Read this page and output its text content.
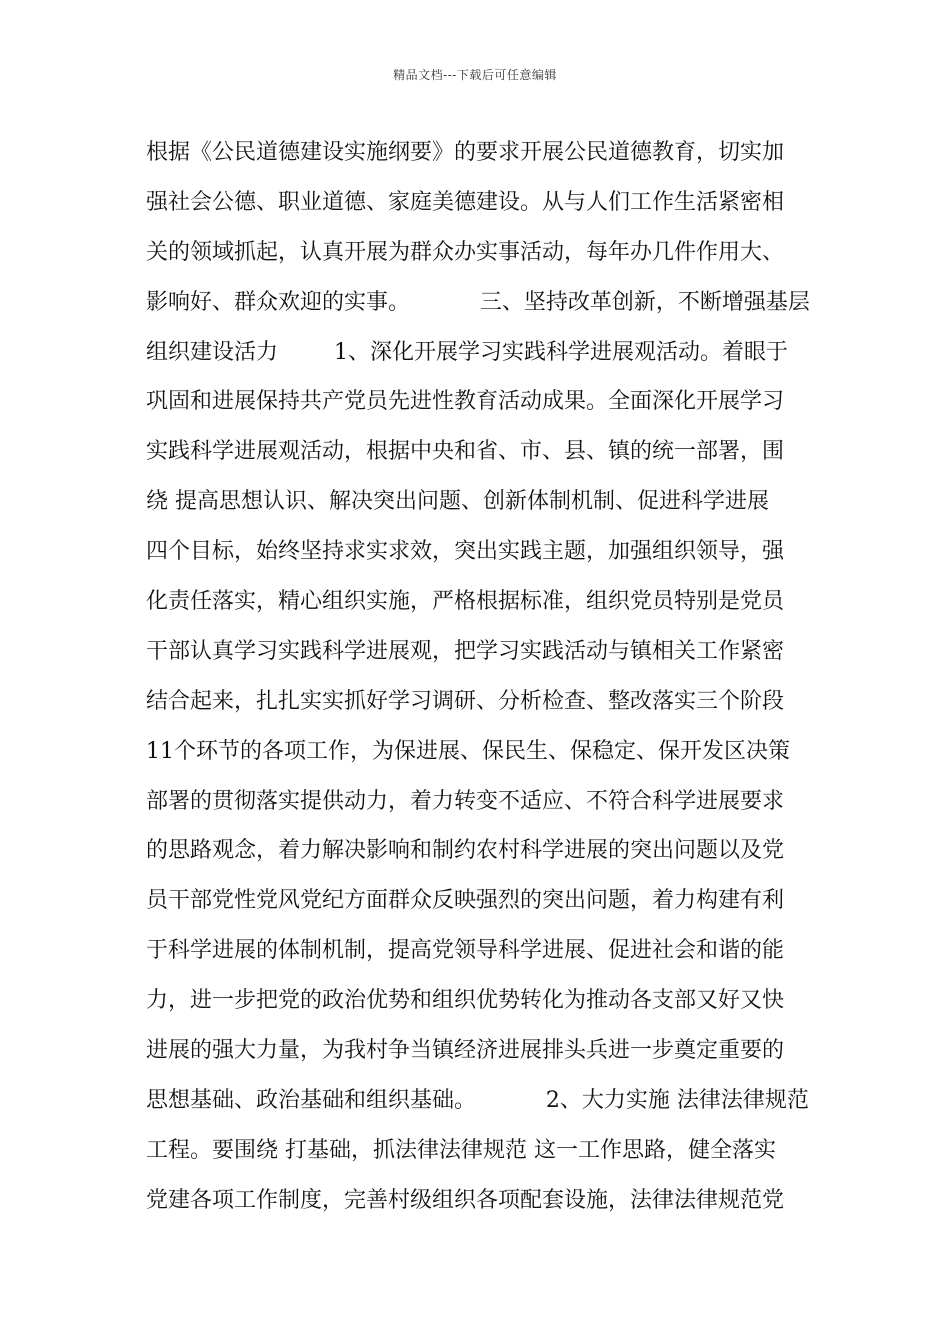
精品文档---下载后可任意编辑
根据《公民道德建设实施纲要》的要求开展公民道德教育，切实加
强社会公德、职业道德、家庭美德建设。从与人们工作生活紧密相
关的领域抓起，认真开展为群众办实事活动，每年办几件作用大、
影响好、群众欢迎的实事。          三、坚持改革创新，不断增强基层
组织建设活力        1、深化开展学习实践科学进展观活动。着眼于
巩固和进展保持共产党员先进性教育活动成果。全面深化开展学习
实践科学进展观活动，根据中央和省、市、县、镇的统一部署，围
绕 提高思想认识、解决突出问题、创新体制机制、促进科学进展
四个目标，始终坚持求实求效，突出实践主题，加强组织领导，强
化责任落实，精心组织实施，严格根据标准，组织党员特别是党员
干部认真学习实践科学进展观，把学习实践活动与镇相关工作紧密
结合起来，扎扎实实抓好学习调研、分析检查、整改落实三个阶段
11个环节的各项工作，为保进展、保民生、保稳定、保开发区决策
部署的贯彻落实提供动力，着力转变不适应、不符合科学进展要求
的思路观念，着力解决影响和制约农村科学进展的突出问题以及党
员干部党性党风党纪方面群众反映强烈的突出问题，着力构建有利
于科学进展的体制机制，提高党领导科学进展、促进社会和谐的能
力，进一步把党的政治优势和组织优势转化为推动各支部又好又快
进展的强大力量，为我村争当镇经济进展排头兵进一步奠定重要的
思想基础、政治基础和组织基础。          2、大力实施 法律法律规范
工程。要围绕 打基础，抓法律法律规范 这一工作思路，健全落实
党建各项工作制度，完善村级组织各项配套设施，法律法律规范党
